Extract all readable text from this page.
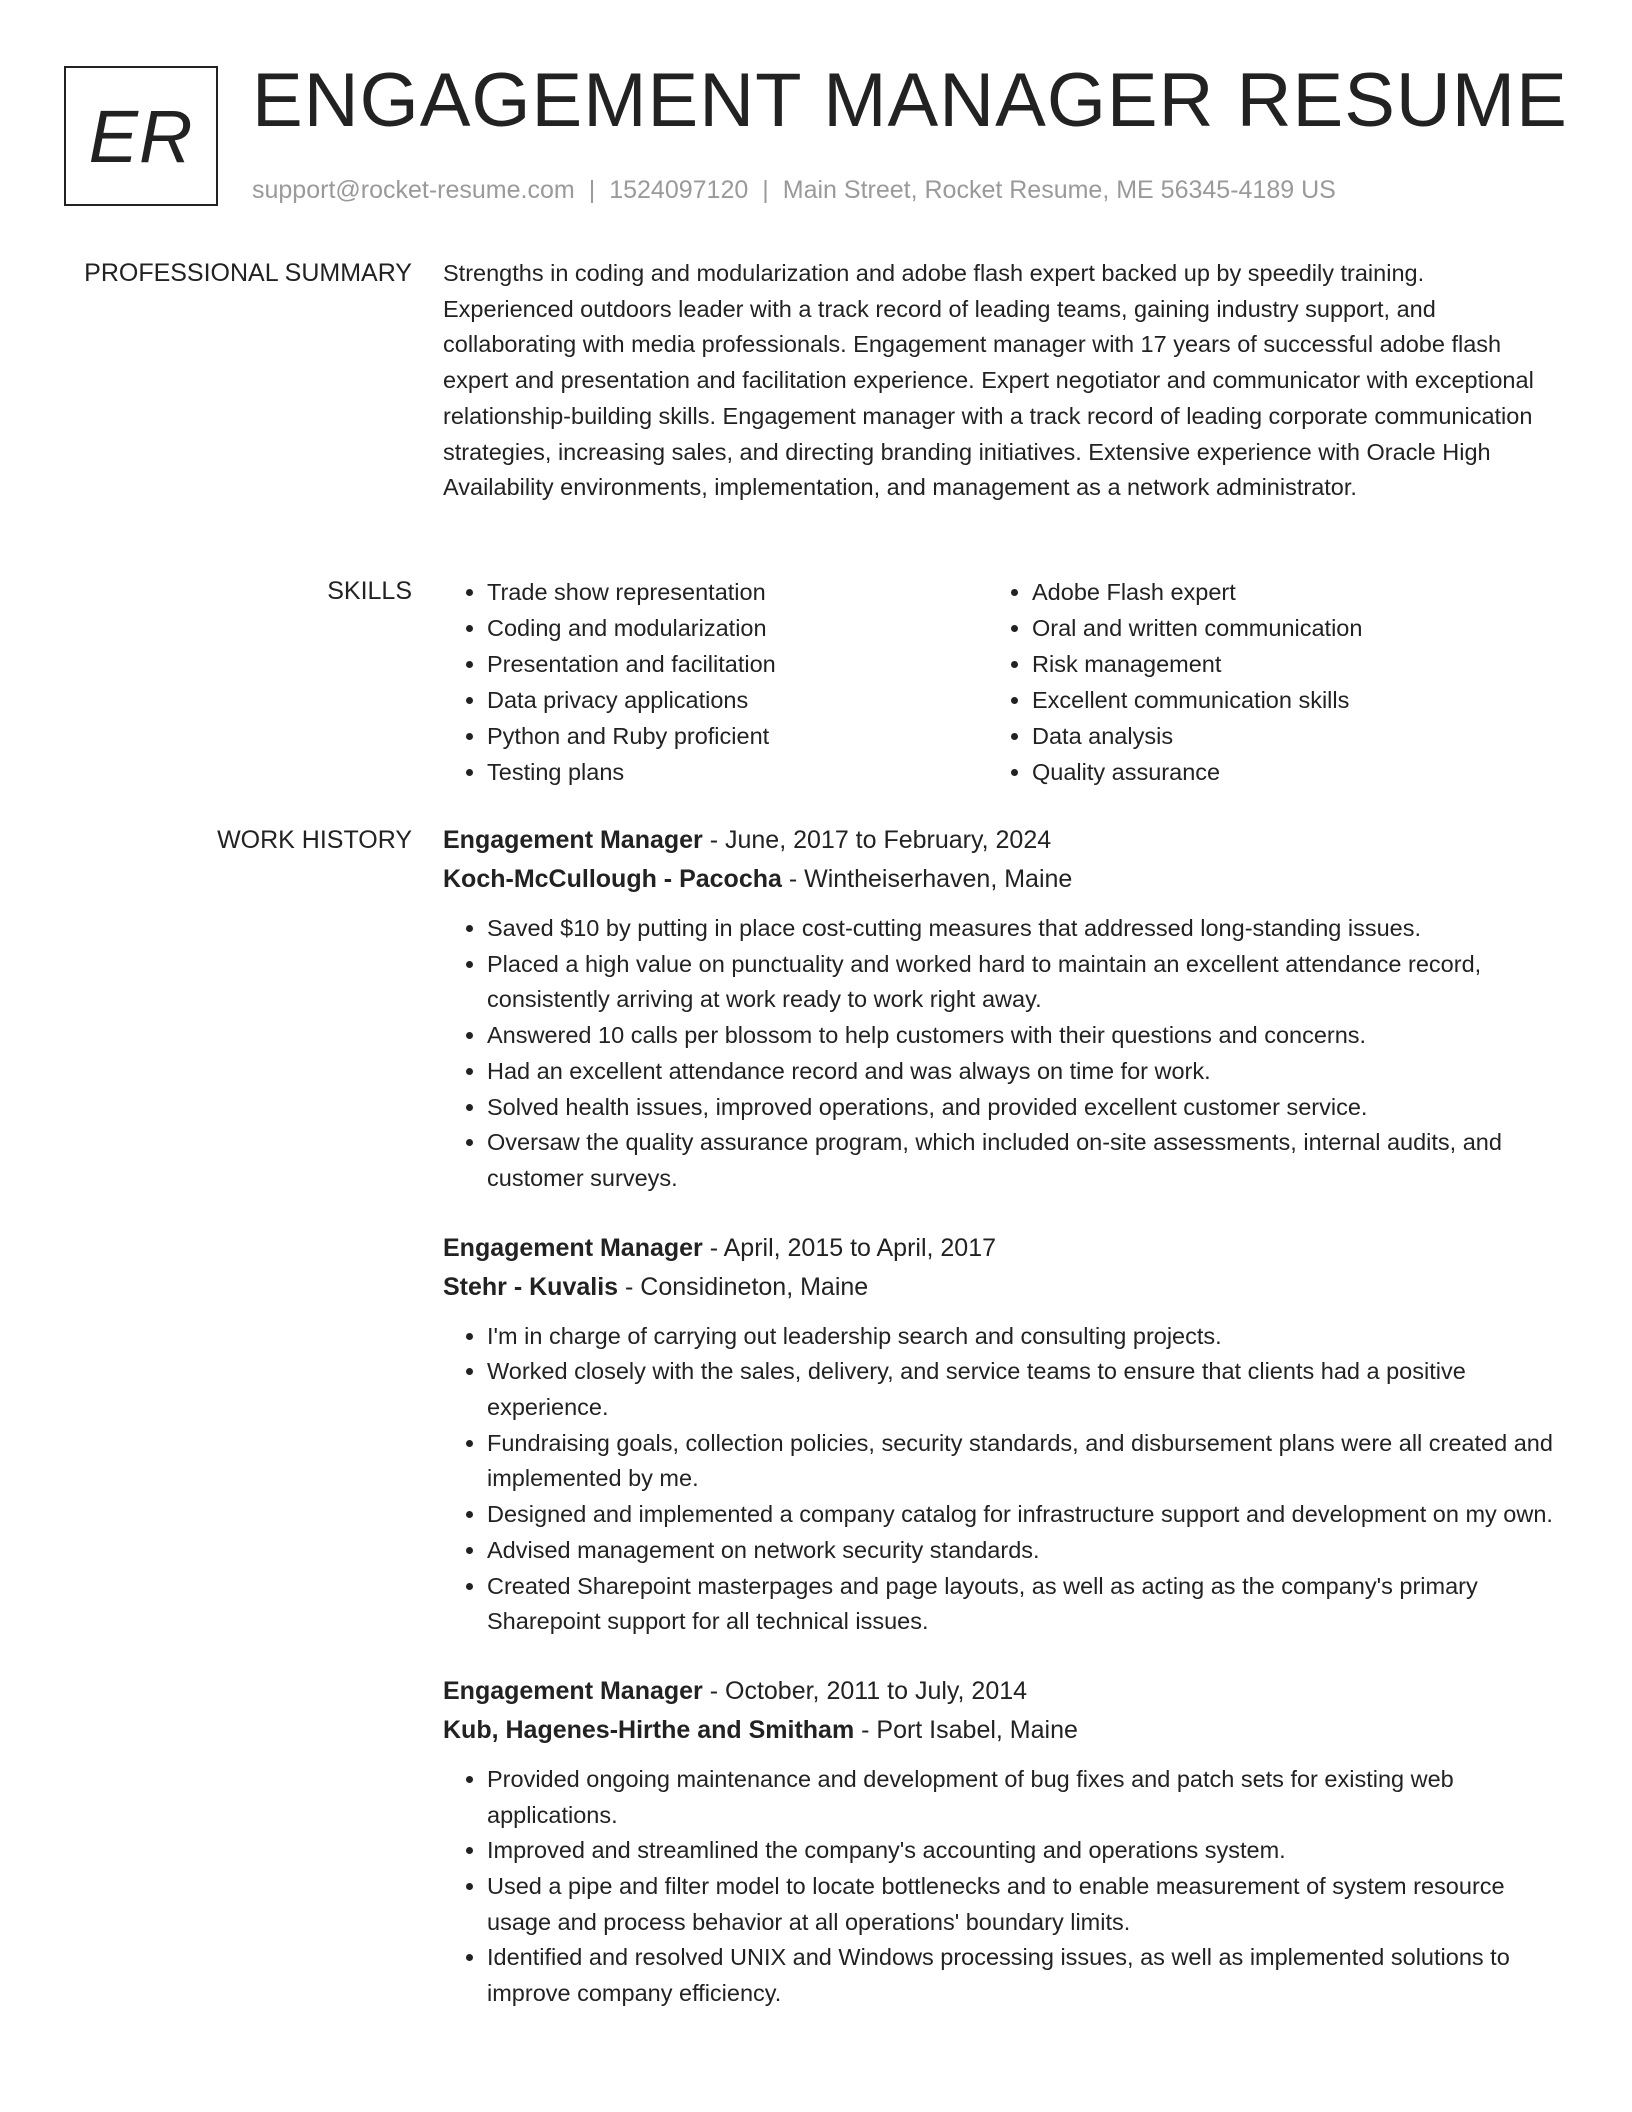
ER ENGAGEMENT MANAGER RESUME
support@rocket-resume.com | 1524097120 | Main Street, Rocket Resume, ME 56345-4189 US
PROFESSIONAL SUMMARY Strengths in coding and modularization and adobe flash expert backed up by speedily training. Experienced outdoors leader with a track record of leading teams, gaining industry support, and collaborating with media professionals. Engagement manager with 17 years of successful adobe flash expert and presentation and facilitation experience. Expert negotiator and communicator with exceptional relationship-building skills. Engagement manager with a track record of leading corporate communication strategies, increasing sales, and directing branding initiatives. Extensive experience with Oracle High Availability environments, implementation, and management as a network administrator.

SKILLS
•	Trade show representation
• Coding and modularization
• Presentation and facilitation
• Data privacy applications
• Python and Ruby proficient
• Testing plans
• Adobe Flash expert
• Oral and written communication
• Risk management
• Excellent communication skills
• Data analysis
• Quality assurance
WORK HISTORY Engagement Manager - June, 2017 to February, 2024
Koch-McCullough - Pacocha - Wintheiserhaven, Maine
• Saved $10 by putting in place cost-cutting measures that addressed long-standing issues.
• Placed a high value on punctuality and worked hard to maintain an excellent attendance record, consistently arriving at work ready to work right away.
• Answered 10 calls per blossom to help customers with their questions and concerns.
• Had an excellent attendance record and was always on time for work.
• Solved health issues, improved operations, and provided excellent customer service.
• Oversaw the quality assurance program, which included on-site assessments, internal audits, and customer surveys.
Engagement Manager - April, 2015 to April, 2017
Stehr - Kuvalis - Considineton, Maine
• I'm in charge of carrying out leadership search and consulting projects.
• Worked closely with the sales, delivery, and service teams to ensure that clients had a positive experience.
• Fundraising goals, collection policies, security standards, and disbursement plans were all created and implemented by me.
• Designed and implemented a company catalog for infrastructure support and development on my own.
• Advised management on network security standards.
• Created Sharepoint masterpages and page layouts, as well as acting as the company's primary Sharepoint support for all technical issues.
Engagement Manager - October, 2011 to July, 2014
Kub, Hagenes-Hirthe and Smitham - Port Isabel, Maine
• Provided ongoing maintenance and development of bug fixes and patch sets for existing web applications.
• Improved and streamlined the company's accounting and operations system.
• Used a pipe and filter model to locate bottlenecks and to enable measurement of system resource usage and process behavior at all operations' boundary limits.
• Identified and resolved UNIX and Windows processing issues, as well as implemented solutions to improve company efficiency.
